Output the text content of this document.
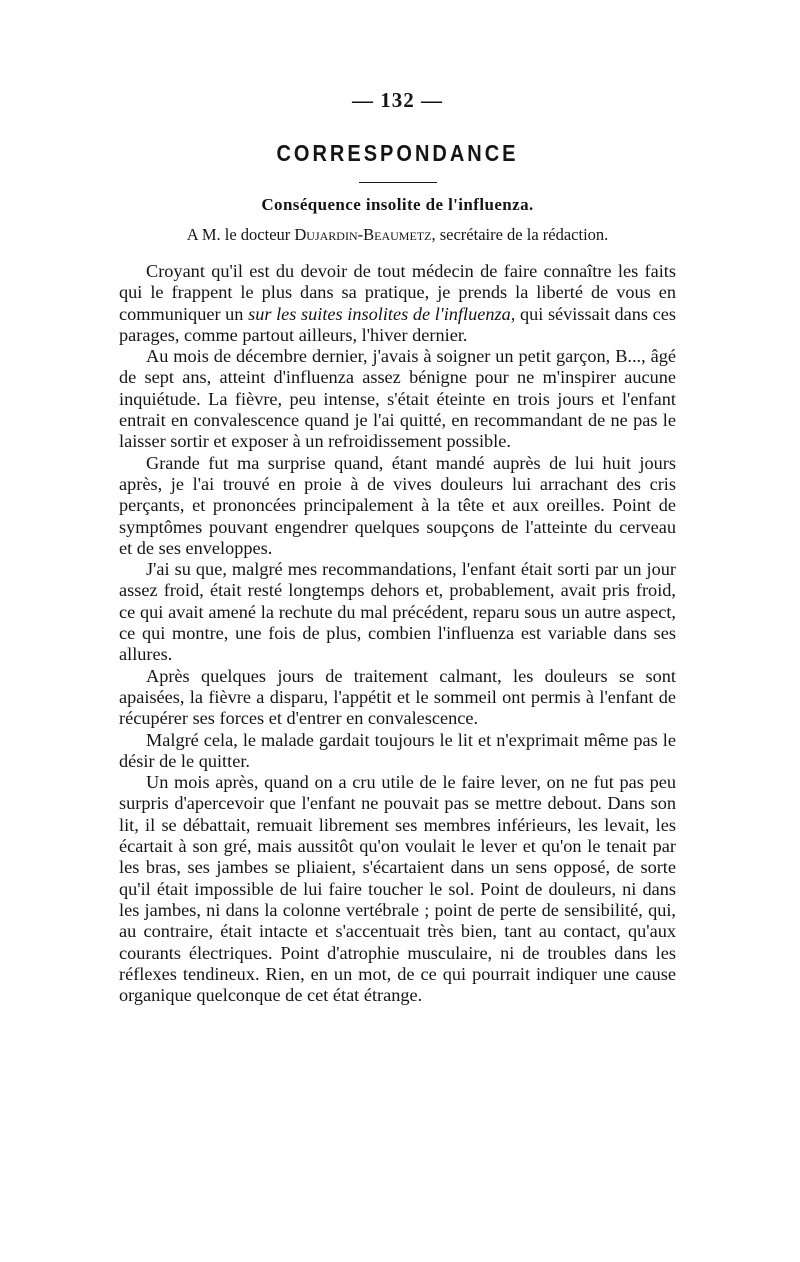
— 132 —
CORRESPONDANCE
Conséquence insolite de l'influenza.
A M. le docteur Dujardin-Beaumetz, secrétaire de la rédaction.

Croyant qu'il est du devoir de tout médecin de faire connaître les faits qui le frappent le plus dans sa pratique, je prends la liberté de vous en communiquer un sur les suites insolites de l'influenza, qui sévissait dans ces parages, comme partout ailleurs, l'hiver dernier.

Au mois de décembre dernier, j'avais à soigner un petit garçon, B..., âgé de sept ans, atteint d'influenza assez bénigne pour ne m'inspirer aucune inquiétude. La fièvre, peu intense, s'était éteinte en trois jours et l'enfant entrait en convalescence quand je l'ai quitté, en recommandant de ne pas le laisser sortir et exposer à un refroidissement possible.

Grande fut ma surprise quand, étant mandé auprès de lui huit jours après, je l'ai trouvé en proie à de vives douleurs lui arrachant des cris perçants, et prononcées principalement à la tête et aux oreilles. Point de symptômes pouvant engendrer quelques soupçons de l'atteinte du cerveau et de ses enveloppes.

J'ai su que, malgré mes recommandations, l'enfant était sorti par un jour assez froid, était resté longtemps dehors et, probablement, avait pris froid, ce qui avait amené la rechute du mal précédent, reparu sous un autre aspect, ce qui montre, une fois de plus, combien l'influenza est variable dans ses allures.

Après quelques jours de traitement calmant, les douleurs se sont apaisées, la fièvre a disparu, l'appétit et le sommeil ont permis à l'enfant de récupérer ses forces et d'entrer en convalescence.

Malgré cela, le malade gardait toujours le lit et n'exprimait même pas le désir de le quitter.

Un mois après, quand on a cru utile de le faire lever, on ne fut pas peu surpris d'apercevoir que l'enfant ne pouvait pas se mettre debout. Dans son lit, il se débattait, remuait librement ses membres inférieurs, les levait, les écartait à son gré, mais aussitôt qu'on voulait le lever et qu'on le tenait par les bras, ses jambes se pliaient, s'écartaient dans un sens opposé, de sorte qu'il était impossible de lui faire toucher le sol. Point de douleurs, ni dans les jambes, ni dans la colonne vertébrale ; point de perte de sensibilité, qui, au contraire, était intacte et s'accentuait très bien, tant au contact, qu'aux courants électriques. Point d'atrophie musculaire, ni de troubles dans les réflexes tendineux. Rien, en un mot, de ce qui pourrait indiquer une cause organique quelconque de cet état étrange.
